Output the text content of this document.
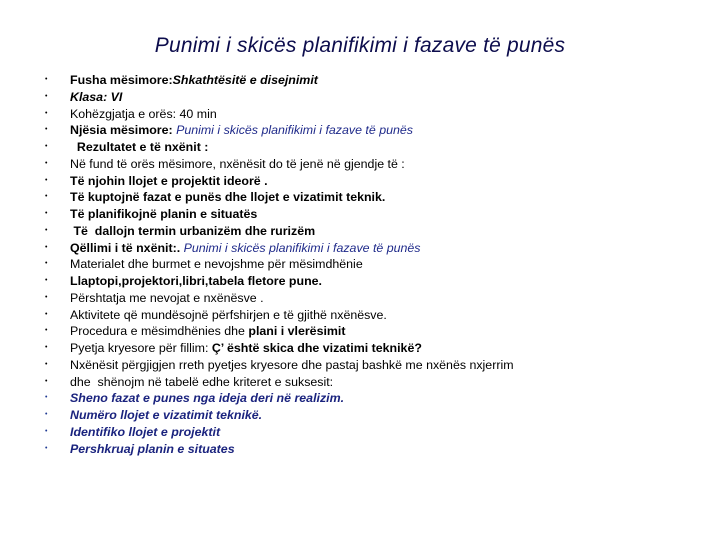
Punimi i skicës planifikimi i fazave të punës
• Fusha mësimore:Shkathtësitë e disejnimit
• Klasa: VI
• Kohëzgjatja e orës: 40 min
• Njësia mësimore: Punimi i skicës planifikimi i fazave të punës
• Rezultatet e të nxënit :
• Në fund të orës mësimore, nxënësit do të jenë në gjendje të :
• Të njohin llojet e projektit ideorë .
• Të kuptojnë fazat e punës dhe llojet e vizatimit teknik.
• Të planifikojnë planin e situatës
• Të  dallojn termin urbanizëm dhe rurizëm
• Qëllimi i të nxënit:. Punimi i skicës planifikimi i fazave të punës
• Materialet dhe burmet e nevojshme për mësimdhënie
• Llaptopi,projektori,libri,tabela fletore pune.
• Përshtatja me nevojat e nxënësve .
• Aktivitete që mundësojnë përfshirjen e të gjithë nxënësve.
• Procedura e mësimdhënies dhe plani i vlerësimit
• Pyetja kryesore për fillim: Ç’ është skica dhe vizatimi teknikë?
• Nxënësit përgjigjen rreth pyetjes kryesore dhe pastaj bashkë me nxënës nxjerrim
• dhe  shënojm në tabelë edhe kriteret e suksesit:
• Sheno fazat e punes nga ideja deri në realizim.
• Numëro llojet e vizatimit teknikë.
• Identifiko llojet e projektit
• Pershkruaj planin e situates
